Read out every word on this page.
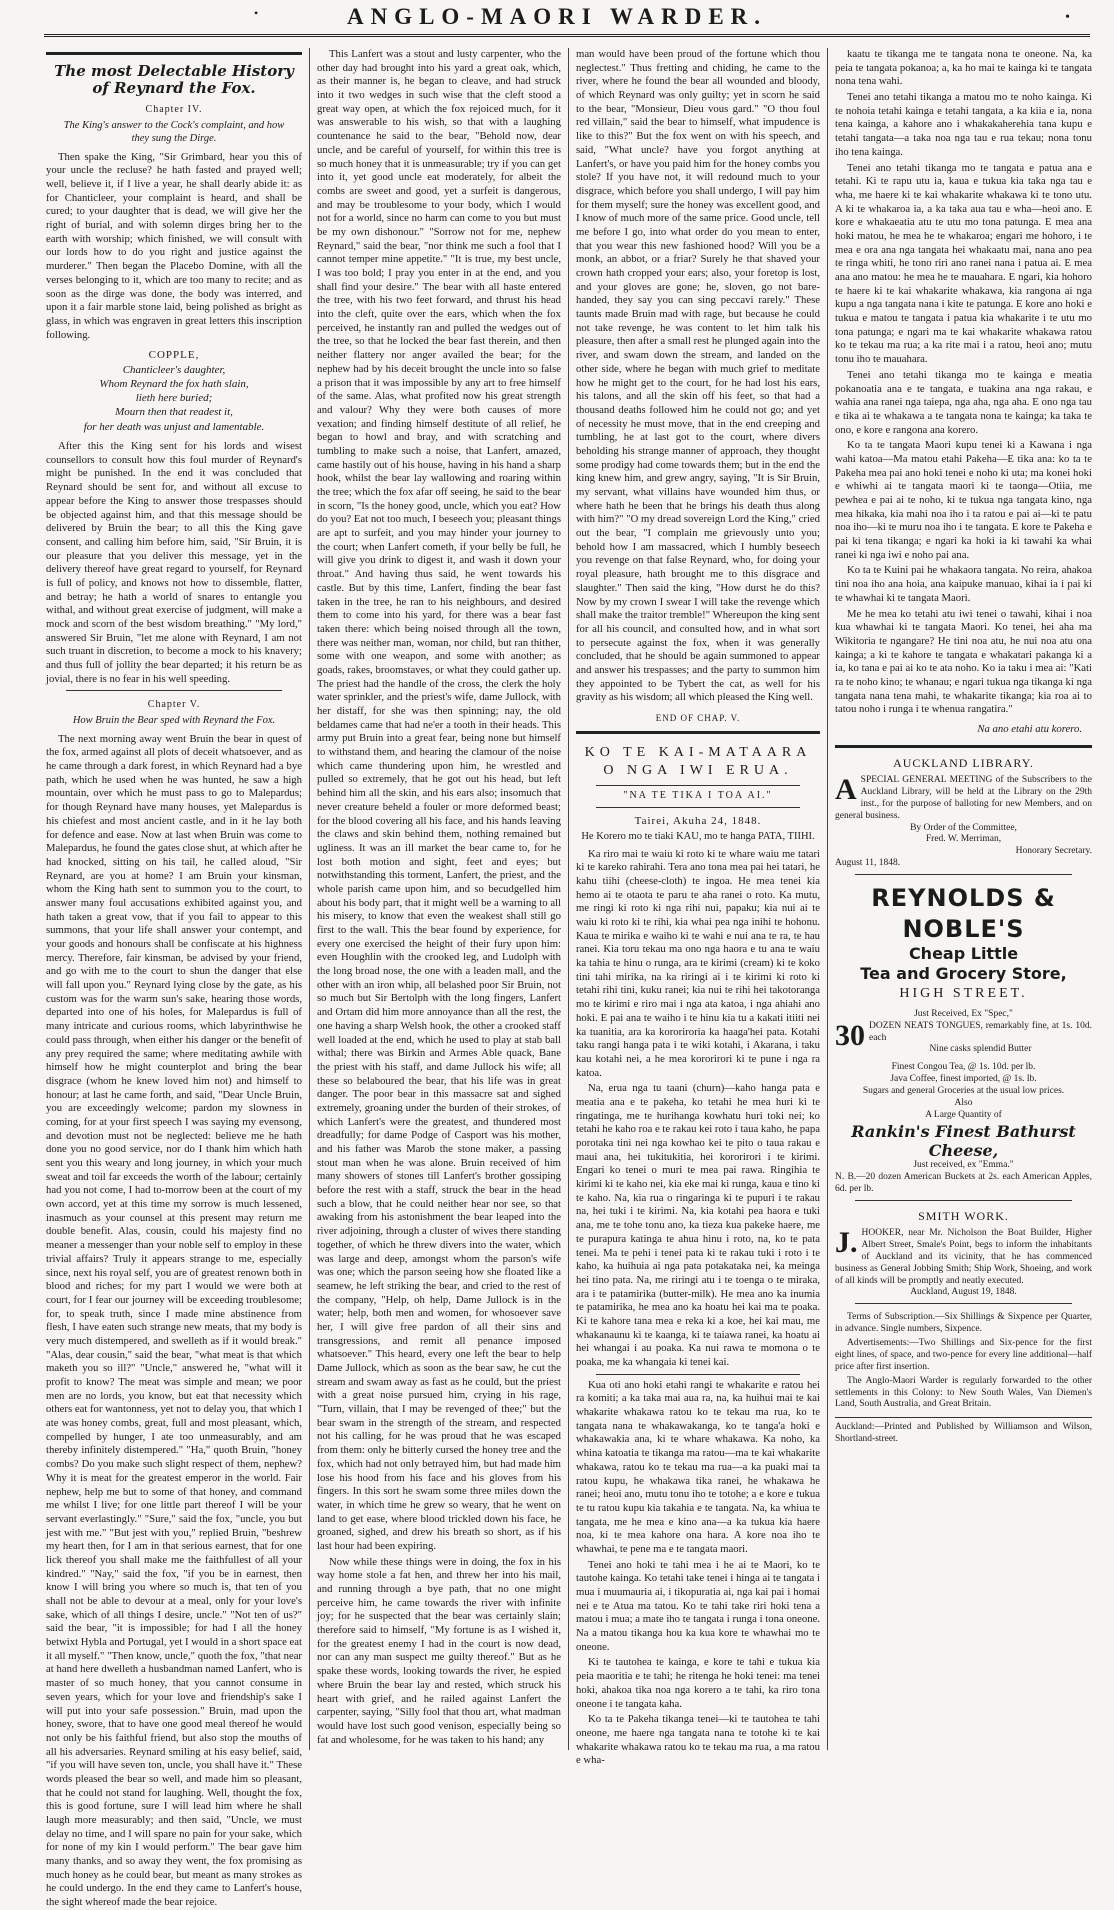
•	ANGLO-MAORI WARDER.	•
The most Delectable History of Reynard the Fox.
Chapter IV.
The King's answer to the Cock's complaint, and how they sung the Dirge.

Then spake the King, "Sir Grimbard, hear you this of your uncle the recluse? he hath fasted and prayed well; well, believe it, if I live a year, he shall dearly abide it: as for Chanticleer, your complaint is heard, and shall be cured; to your daughter that is dead, we will give her the right of burial, and with solemn dirges bring her to the earth with worship; which finished, we will consult with our lords how to do you right and justice against the murderer." Then began the Placebo Domine, with all the verses belonging to it, which are too many to recite; and as soon as the dirge was done, the body was interred, and upon it a fair marble stone laid, being polished as bright as glass, in which was engraven in great letters this inscription following.

COPPLE,
Chanticleer's daughter,
Whom Reynard the fox hath slain,
lieth here buried;
Mourn then that readest it,
for her death was unjust and lamentable.

After this the King sent for his lords and wisest counsellors to consult how this foul murder of Reynard's might be punished. In the end it was concluded that Reynard should be sent for, and without all excuse to appear before the King to answer those trespasses should be objected against him, and that this message should be delivered by Bruin the bear; to all this the King gave consent, and calling him before him, said, "Sir Bruin, it is our pleasure that you deliver this message, yet in the delivery thereof have great regard to yourself, for Reynard is full of policy, and knows not how to dissemble, flatter, and betray; he hath a world of snares to entangle you withal, and without great exercise of judgment, will make a mock and scorn of the best wisdom breathing." "My lord," answered Sir Bruin, "let me alone with Reynard, I am not such truant in discretion, to become a mock to his knavery; and thus full of jollity the bear departed; it his return be as jovial, there is no fear in his well speeding.

Chapter V.
How Bruin the Bear sped with Reynard the Fox.

The next morning away went Bruin the bear in quest of the fox, armed against all plots of deceit whatsoever, and as he came through a dark forest, in which Reynard had a bye path, which he used when he was hunted, he saw a high mountain, over which he must pass to go to Malepardus; for though Reynard have many houses, yet Malepardus is his chiefest and most ancient castle, and in it he lay both for defence and ease. Now at last when Bruin was come to Malepardus, he found the gates close shut, at which after he had knocked, sitting on his tail, he called aloud, "Sir Reynard, are you at home? I am Bruin your kinsman, whom the King hath sent to summon you to the court, to answer many foul accusations exhibited against you, and hath taken a great vow, that if you fail to appear to this summons, that your life shall answer your contempt, and your goods and honours shall be confiscate at his highness mercy. Therefore, fair kinsman, be advised by your friend, and go with me to the court to shun the danger that else will fall upon you." Reynard lying close by the gate, as his custom was for the warm sun's sake, hearing those words, departed into one of his holes, for Malepardus is full of many intricate and curious rooms, which labyrinthwise he could pass through, when either his danger or the benefit of any prey required the same; where meditating awhile with himself how he might counterplot and bring the bear disgrace (whom he knew loved him not) and himself to honour; at last he came forth, and said, "Dear Uncle Bruin, you are exceedingly welcome; pardon my slowness in coming, for at your first speech I was saying my evensong, and devotion must not be neglected: believe me he hath done you no good service, nor do I thank him which hath sent you this weary and long journey, in which your much sweat and toil far exceeds the worth of the labour; certainly had you not come, I had to-morrow been at the court of my own accord, yet at this time my sorrow is much lessened, inasmuch as your counsel at this present may return me double benefit. Alas, cousin, could his majesty find no meaner a messenger than your noble self to employ in these trivial affairs? Truly it appears strange to me, especially since, next his royal self, you are of greatest renown both in blood and riches; for my part I would we were both at court, for I fear our journey will be exceeding troublesome; for, to speak truth, since I made mine abstinence from flesh, I have eaten such strange new meats, that my body is very much distempered, and swelleth as if it would break." "Alas, dear cousin," said the bear, "what meat is that which maketh you so ill?" "Uncle," answered he, "what will it profit to know? The meat was simple and mean; we poor men are no lords, you know, but eat that necessity which others eat for wantonness, yet not to delay you, that which I ate was honey combs, great, full and most pleasant, which, compelled by hunger, I ate too unmeasurably, and am thereby infinitely distempered." "Ha," quoth Bruin, "honey combs? Do you make such slight respect of them, nephew? Why it is meat for the greatest emperor in the world. Fair nephew, help me but to some of that honey, and command me whilst I live; for one little part thereof I will be your servant everlastingly." "Sure," said the fox, "uncle, you but jest with me." "But jest with you," replied Bruin, "beshrew my heart then, for I am in that serious earnest, that for one lick thereof you shall make me the faithfullest of all your kindred." "Nay," said the fox, "if you be in earnest, then know I will bring you where so much is, that ten of you shall not be able to devour at a meal, only for your love's sake, which of all things I desire, uncle." "Not ten of us?" said the bear, "it is impossible; for had I all the honey betwixt Hybla and Portugal, yet I would in a short space eat it all myself." "Then know, uncle," quoth the fox, "that near at hand here dwelleth a husbandman named Lanfert, who is master of so much honey, that you cannot consume in seven years, which for your love and friendship's sake I will put into your safe possession." Bruin, mad upon the honey, swore, that to have one good meal thereof he would not only be his faithful friend, but also stop the mouths of all his adversaries. Reynard smiling at his easy belief, said, "if you will have seven ton, uncle, you shall have it." These words pleased the bear so well, and made him so pleasant, that he could not stand for laughing. Well, thought the fox, this is good fortune, sure I will lead him where he shall laugh more measurably; and then said, "Uncle, we must delay no time, and I will spare no pain for your sake, which for none of my kin I would perform." The bear gave him many thanks, and so away they went, the fox promising as much honey as he could bear, but meant as many strokes as he could undergo. In the end they came to Lanfert's house, the sight whereof made the bear rejoice.

This Lanfert was a stout and lusty carpenter, who the other day had brought into his yard a great oak, which, as their manner is, he began to cleave, and had struck into it two wedges in such wise that the cleft stood a great way open, at which the fox rejoiced much, for it was answerable to his wish, so that with a laughing countenance he said to the bear, "Behold now, dear uncle, and be careful of yourself, for within this tree is so much honey that it is unmeasurable; try if you can get into it, yet good uncle eat moderately, for albeit the combs are sweet and good, yet a surfeit is dangerous, and may be troublesome to your body, which I would not for a world, since no harm can come to you but must be my own dishonour." "Sorrow not for me, nephew Reynard," said the bear, "nor think me such a fool that I cannot temper mine appetite." "It is true, my best uncle, I was too bold; I pray you enter in at the end, and you shall find your desire." The bear with all haste entered the tree, with his two feet forward, and thrust his head into the cleft, quite over the ears, which when the fox perceived, he instantly ran and pulled the wedges out of the tree, so that he locked the bear fast therein, and then neither flattery nor anger availed the bear; for the nephew had by his deceit brought the uncle into so false a prison that it was impossible by any art to free himself of the same. Alas, what profited now his great strength and valour? Why they were both causes of more vexation; and finding himself destitute of all relief, he began to howl and bray, and with scratching and tumbling to make such a noise, that Lanfert, amazed, came hastily out of his house, having in his hand a sharp hook, whilst the bear lay wallowing and roaring within the tree; which the fox afar off seeing, he said to the bear in scorn, "Is the honey good, uncle, which you eat? How do you? Eat not too much, I beseech you; pleasant things are apt to surfeit, and you may hinder your journey to the court; when Lanfert cometh, if your belly be full, he will give you drink to digest it, and wash it down your throat." And having thus said, he went towards his castle. But by this time, Lanfert, finding the bear fast taken in the tree, he ran to his neighbours, and desired them to come into his yard, for there was a bear fast taken there: which being noised through all the town, there was neither man, woman, nor child, but ran thither, some with one weapon, and some with another; as goads, rakes, broomstaves, or what they could gather up. The priest had the handle of the cross, the clerk the holy water sprinkler, and the priest's wife, dame Jullock, with her distaff, for she was then spinning; nay, the old beldames came that had ne'er a tooth in their heads. This army put Bruin into a great fear, being none but himself to withstand them, and hearing the clamour of the noise which came thundering upon him, he wrestled and pulled so extremely, that he got out his head, but left behind him all the skin, and his ears also; insomuch that never creature beheld a fouler or more deformed beast; for the blood covering all his face, and his hands leaving the claws and skin behind them, nothing remained but ugliness. It was an ill market the bear came to, for he lost both motion and sight, feet and eyes; but notwithstanding this torment, Lanfert, the priest, and the whole parish came upon him, and so becudgelled him about his body part, that it might well be a warning to all his misery, to know that even the weakest shall still go first to the wall. This the bear found by experience, for every one exercised the height of their fury upon him: even Houghlin with the crooked leg, and Ludolph with the long broad nose, the one with a leaden mall, and the other with an iron whip, all belashed poor Sir Bruin, not so much but Sir Bertolph with the long fingers, Lanfert and Ortam did him more annoyance than all the rest, the one having a sharp Welsh hook, the other a crooked staff well loaded at the end, which he used to play at stab ball withal; there was Birkin and Armes Able quack, Bane the priest with his staff, and dame Jullock his wife; all these so belaboured the bear, that his life was in great danger. The poor bear in this massacre sat and sighed extremely, groaning under the burden of their strokes, of which Lanfert's were the greatest, and thundered most dreadfully; for dame Podge of Casport was his mother, and his father was Marob the stone maker, a passing stout man when he was alone. Bruin received of him many showers of stones till Lanfert's brother gossiping before the rest with a staff, struck the bear in the head such a blow, that he could neither hear nor see, so that awaking from his astonishment the bear leaped into the river adjoining, through a cluster of wives there standing together, of which he threw divers into the water, which was large and deep, amongst whom the parson's wife was one; which the parson seeing how she floated like a seamew, he left striking the bear, and cried to the rest of the company, "Help, oh help, Dame Jullock is in the water; help, both men and women, for whosoever save her, I will give free pardon of all their sins and transgressions, and remit all penance imposed whatsoever." This heard, every one left the bear to help Dame Jullock, which as soon as the bear saw, he cut the stream and swam away as fast as he could, but the priest with a great noise pursued him, crying in his rage, "Turn, villain, that I may be revenged of thee;" but the bear swam in the strength of the stream, and respected not his calling, for he was proud that he was escaped from them: only he bitterly cursed the honey tree and the fox, which had not only betrayed him, but had made him lose his hood from his face and his gloves from his fingers. In this sort he swam some three miles down the water, in which time he grew so weary, that he went on land to get ease, where blood trickled down his face, he groaned, sighed, and drew his breath so short, as if his last hour had been expiring.

Now while these things were in doing, the fox in his way home stole a fat hen, and threw her into his mail, and running through a bye path, that no one might perceive him, he came towards the river with infinite joy; for he suspected that the bear was certainly slain; therefore said to himself, "My fortune is as I wished it, for the greatest enemy I had in the court is now dead, nor can any man suspect me guilty thereof." But as he spake these words, looking towards the river, he espied where Bruin the bear lay and rested, which struck his heart with grief, and he railed against Lanfert the carpenter, saying, "Silly fool that thou art, what madman would have lost such good venison, especially being so fat and wholesome, for he was taken to his hand; any

man would have been proud of the fortune which thou neglectest." Thus fretting and chiding, he came to the river, where he found the bear all wounded and bloody, of which Reynard was only guilty; yet in scorn he said to the bear, "Monsieur, Dieu vous gard." "O thou foul red villain," said the bear to himself, what impudence is like to this?" But the fox went on with his speech, and said, "What uncle? have you forgot anything at Lanfert's, or have you paid him for the honey combs you stole? If you have not, it will redound much to your disgrace, which before you shall undergo, I will pay him for them myself; sure the honey was excellent good, and I know of much more of the same price. Good uncle, tell me before I go, into what order do you mean to enter, that you wear this new fashioned hood? Will you be a monk, an abbot, or a friar? Surely he that shaved your crown hath cropped your ears; also, your foretop is lost, and your gloves are gone; he, sloven, go not bare-handed, they say you can sing peccavi rarely." These taunts made Bruin mad with rage, but because he could not take revenge, he was content to let him talk his pleasure, then after a small rest he plunged again into the river, and swam down the stream, and landed on the other side, where he began with much grief to meditate how he might get to the court, for he had lost his ears, his talons, and all the skin off his feet, so that had a thousand deaths followed him he could not go; and yet of necessity he must move, that in the end creeping and tumbling, he at last got to the court, where divers beholding his strange manner of approach, they thought some prodigy had come towards them; but in the end the king knew him, and grew angry, saying, "It is Sir Bruin, my servant, what villains have wounded him thus, or where hath he been that he brings his death thus along with him?" "O my dread sovereign Lord the King," cried out the bear, "I complain me grievously unto you; behold how I am massacred, which I humbly beseech you revenge on that false Reynard, who, for doing your royal pleasure, hath brought me to this disgrace and slaughter." Then said the king, "How durst he do this? Now by my crown I swear I will take the revenge which shall make the traitor tremble!" Whereupon the king sent for all his council, and consulted how, and in what sort to persecute against the fox, when it was generally concluded, that he should be again summoned to appear and answer his trespasses; and the party to summon him they appointed to be Tybert the cat, as well for his gravity as his wisdom; all which pleased the King well.

END OF CHAP. V.
KO TE KAI-MATAARA
O NGA IWI ERUA.
"NA TE TIKA I TOA AI."
Tairei, Akuha 24, 1848.
He Korero mo te tiaki KAU, mo te hanga PATA, TIIHI.

Ka riro mai te waiu ki roto ki te whare waiu me tatari ki te kareko rahirahi. Tera ano tona mea pai hei tatari, he kahu tiihi (cheese-cloth) te ingoa. He mea tenei kia hemo ai te otaota te paru te aha ranei o roto. Ka mutu, me ringi ki roto ki nga rihi nui, papaku; kia nui ai te waiu ki roto ki te rihi, kia whai pea nga inihi te hohonu. Kaua te mirika e waiho ki te wahi e nui ana te ra, te hau ranei. Kia toru tekau ma ono nga haora e tu ana te waiu ka tahia te hinu o runga, ara te kirimi (cream) ki te koko tini tahi mirika, na ka riringi ai i te kirimi ki roto ki tetahi rihi tini, kuku ranei; kia nui te rihi hei takotoranga mo te kirimi e riro mai i nga ata katoa, i nga ahiahi ano hoki. E pai ana te waiho i te hinu kia tu a kakati itiiti nei ka tuanitia, ara ka kororiroria ka haaga'hei pata. Kotahi taku rangi hanga pata i te wiki kotahi, i Akarana, i taku kau kotahi nei, a he mea kororirori ki te pune i nga ra katoa.

Na, erua nga tu taani (churn)—kaho hanga pata e meatia ana e te pakeha, ko tetahi he mea huri ki te ringatinga, me te hurihanga kowhatu huri toki nei; ko tetahi he kaho roa e te rakau kei roto i taua kaho, he papa porotaka tini nei nga kowhao kei te pito o taua rakau e maui ana, hei tukitukitia, hei kororirori i te kirimi. Engari ko tenei o muri te mea pai rawa. Ringihia te kirimi ki te kaho nei, kia eke mai ki runga, kaua e tino ki te kaho. Na, kia rua o ringaringa ki te pupuri i te rakau na, hei tuki i te kirimi. Na, kia kotahi pea haora e tuki ana, me te tohe tonu ano, ka tieza kua pakeke haere, me te purapura katinga te ahua hinu i roto, na, ko te pata tenei. Ma te pehi i tenei pata ki te rakau tuki i roto i te kaho, ka huihuia ai nga pata potakataka nei, ka meinga hei tino pata. Na, me riringi atu i te toenga o te miraka, ara i te patamirika (butter-milk). He mea ano ka inumia te patamirika, he mea ano ka hoatu hei kai ma te poaka. Ki te kahore tana mea e reka ki a koe, hei kai mau, me whakanaunu ki te kaanga, ki te taiawa ranei, ka hoatu ai hei whangai i au poaka. Ka nui rawa te momona o te poaka, me ka whangaia ki tenei kai.

Kua oti ano hoki etahi rangi te whakarite e ratou hei ra komiti; a ka taka mai aua ra, na, ka huihui mai te kai whakarite whakawa ratou ko te tekau ma rua, ko te tangata nana te whakawakanga, ko te tanga'a hoki e whakawakia ana, ki te whare whakawa. Ka noho, ka whina katoatia te tikanga ma ratou—ma te kai whakarite whakawa, ratou ko te tekau ma rua—a ka puaki mai ta ratou kupu, he whakawa tika ranei, he whakawa he ranei; heoi ano, mutu tonu iho te totohe; a e kore e tukua te tu ratou kupu kia takahia e te tangata. Na, ka whiua te tangata, me he mea e kino ana—a ka tukua kia haere noa, ki te mea kahore ona hara. A kore noa iho te whawhai, te pene ma e te tangata maori.

Tenei ano hoki te tahi mea i he ai te Maori, ko te tautohe kainga. Ko tetahi take tenei i hinga ai te tangata i mua i muumauria ai, i tikopuratia ai, nga kai pai i homai nei e te Atua ma tatou. Ko te tahi take riri hoki tena a matou i mua; a mate iho te tangata i runga i tona oneone. Na a matou tikanga hou ka kua kore te whawhai mo te oneone.

Ki te tautohea te kainga, e kore te tahi e tukua kia peia maoritia e te tahi; he ritenga he hoki tenei: ma tenei hoki, ahakoa tika noa nga korero a te tahi, ka riro tona oneone i te tangata kaha.

Ko ta te Pakeha tikanga tenei—ki te tautohea te tahi oneone, me haere nga tangata nana te totohe ki te kai whakarite whakawa ratou ko te tekau ma rua, a ma ratou e wha-

kaatu te tikanga me te tangata nona te oneone. Na, ka peia te tangata pokanoa; a, ka ho mai te kainga ki te tangata nona tena wahi.

Tenei ano tetahi tikanga a matou mo te noho kainga. Ki te nohoia tetahi kainga e tetahi tangata, a ka kiia e ia, nona tena kainga, a kahore ano i whakakaherehia tana kupu e tetahi tangata—a taka noa nga tau e rua tekau; nona tonu iho tena kainga.

Tenei ano tetahi tikanga mo te tangata e patua ana e tetahi. Ki te rapu utu ia, kaua e tukua kia taka nga tau e wha, me haere ki te kai whakarite whakawa ki te tono utu. A ki te whakaroa ia, a ka taka aua tau e wha—heoi ano. E kore e whakaeatia atu te utu mo tona patunga. E mea ana hoki matou, he mea he te whakaroa; engari me hohoro, i te mea e ora ana nga tangata hei whakaatu mai, nana ano pea te ringa whiti, he tono riri ano ranei nana i patua ai. E mea ana ano matou: he mea he te mauahara. E ngari, kia hohoro te haere ki te kai whakarite whakawa, kia rangona ai nga kupu a nga tangata nana i kite te patunga. E kore ano hoki e tukua e matou te tangata i patua kia whakarite i te utu mo tona patunga; e ngari ma te kai whakarite whakawa ratou ko te tekau ma rua; a ka rite mai i a ratou, heoi ano; mutu tonu iho te mauahara.

Tenei ano tetahi tikanga mo te kainga e meatia pokanoatia ana e te tangata, e tuakina ana nga rakau, e wahia ana ranei nga taiepa, nga aha, nga aha. E ono nga tau e tika ai te whakawa a te tangata nona te kainga; ka taka te ono, e kore e rangona ana korero.

Ko ta te tangata Maori kupu tenei ki a Kawana i nga wahi katoa—Ma matou etahi Pakeha—E tika ana: ko ta te Pakeha mea pai ano hoki tenei e noho ki uta; ma konei hoki e whiwhi ai te tangata maori ki te taonga—Otiia, me pewhea e pai ai te noho, ki te tukua nga tangata kino, nga mea hikaka, kia mahi noa iho i ta ratou e pai ai—ki te patu noa iho—ki te muru noa iho i te tangata. E kore te Pakeha e pai ki tena tikanga; e ngari ka hoki ia ki tawahi ka whai ranei ki nga iwi e noho pai ana.

Ko ta te Kuini pai he whakaora tangata. No reira, ahakoa tini noa iho ana hoia, ana kaipuke manuao, kihai ia i pai ki te whawhai ki te tangata Maori.

Me he mea ko tetahi atu iwi tenei o tawahi, kihai i noa kua whawhai ki te tangata Maori. Ko tenei, hei aha ma Wikitoria te ngangare? He tini noa atu, he nui noa atu ona kainga; a ki te kahore te tangata e whakatari pakanga ki a ia, ko tana e pai ai ko te ata noho. Ko ia taku i mea ai: "Kati ra te noho kino; te whanau; e ngari tukua nga tikanga ki nga tangata nana tena mahi, te whakarite tikanga; kia roa ai to tatou noho i runga i te whenua rangatira."

Na ano etahi atu korero.
AUCKLAND LIBRARY.
ASPECIAL GENERAL MEETING of the Subscribers to the Auckland Library, will be held at the Library on the 29th inst., for the purpose of balloting for new Members, and on general business.
By Order of the Committee,
Fred. W. Merriman,
Honorary Secretary.
August 11, 1848.
REYNOLDS & NOBLE'S
Cheap Little
Tea and Grocery Store,
HIGH STREET.
Just Received, Ex "Spec,"
30 DOZEN NEATS TONGUES, remarkably fine, at 1s. 10d. each
Nine casks splendid Butter
Finest Congou Tea, @ 1s. 10d. per lb.
Java Coffee, finest imported, @ 1s. lb.
Sugars and general Groceries at the usual low prices.
Also
A Large Quantity of
Rankin's Finest Bathurst
Cheese,
Just received, ex "Emma."
N. B.—20 dozen American Buckets at 2s. each American Apples, 6d. per lb.
SMITH WORK.
J. HOOKER, near Mr. Nicholson the Boat Builder, Higher Albert Street, Smale's Point, begs to inform the inhabitants of Auckland and its vicinity, that he has commenced business as General Jobbing Smith; Ship Work, Shoeing, and work of all kinds will be promptly and neatly executed.
Auckland, August 19, 1848.

Terms of Subscription.—Six Shillings & Sixpence per Quarter, in advance. Single numbers, Sixpence.

Advertisements:—Two Shillings and Six-pence for the first eight lines, of space, and two-pence for every line additional—half price after first insertion.

The Anglo-Maori Warder is regularly forwarded to the other settlements in this Colony: to New South Wales, Van Diemen's Land, South Australia, and Great Britain.

Auckland:—Printed and Published by Williamson and Wilson, Shortland-street.
